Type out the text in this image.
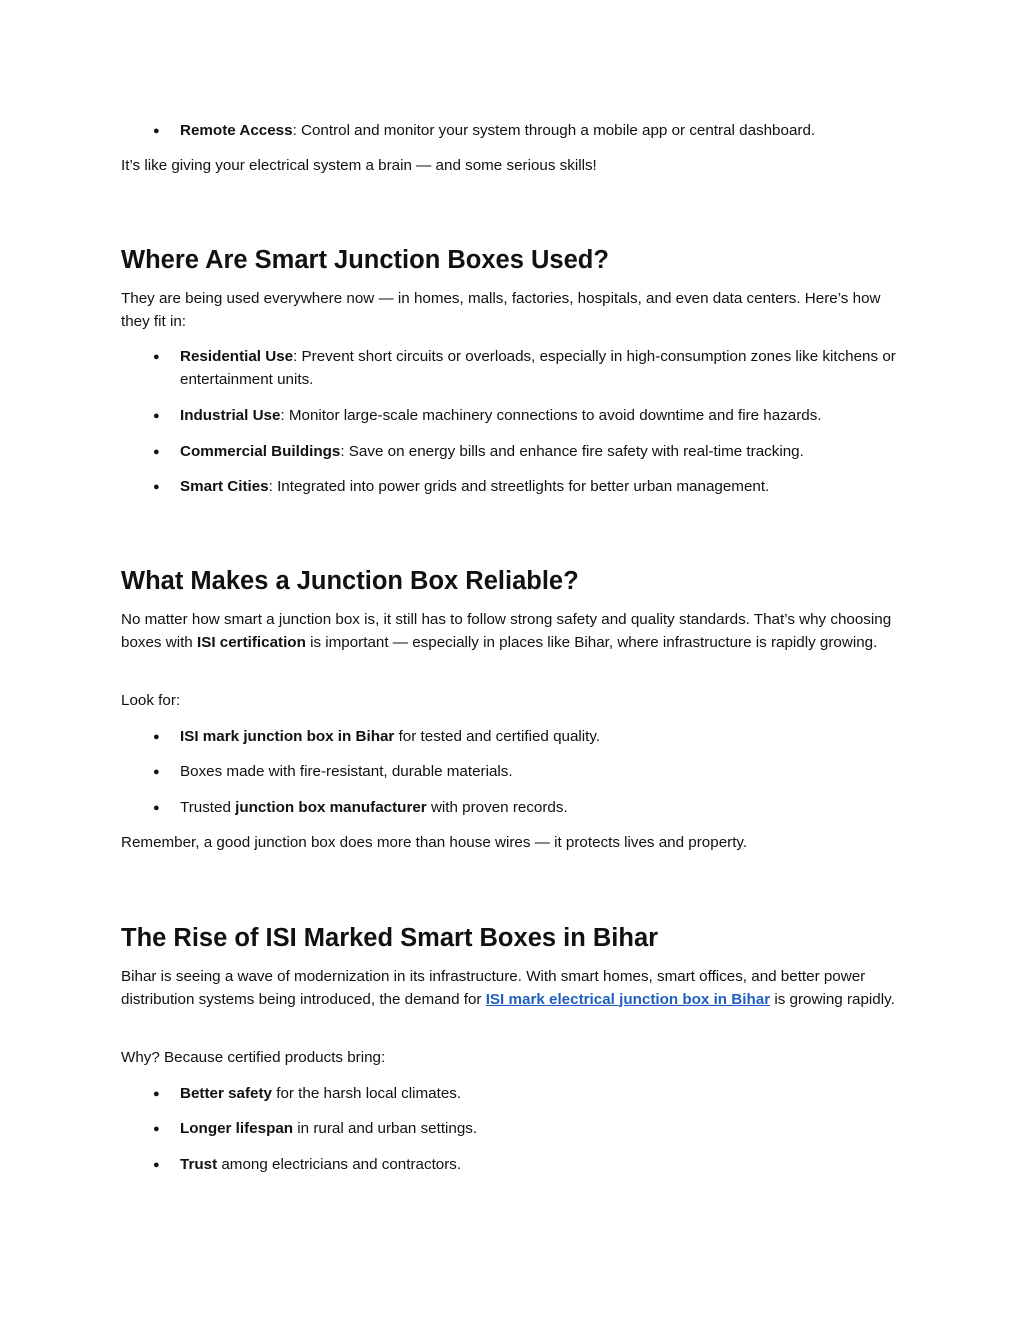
● Remote Access: Control and monitor your system through a mobile app or central dashboard.

It’s like giving your electrical system a brain — and some serious skills!

Where Are Smart Junction Boxes Used?

They are being used everywhere now — in homes, malls, factories, hospitals, and even data centers. Here’s how they fit in:

● Residential Use: Prevent short circuits or overloads, especially in high-consumption zones like kitchens or entertainment units.
● Industrial Use: Monitor large-scale machinery connections to avoid downtime and fire hazards.
● Commercial Buildings: Save on energy bills and enhance fire safety with real-time tracking.
● Smart Cities: Integrated into power grids and streetlights for better urban management.
What Makes a Junction Box Reliable?

No matter how smart a junction box is, it still has to follow strong safety and quality standards. That’s why choosing boxes with ISI certification is important — especially in places like Bihar, where infrastructure is rapidly growing.

Look for:

● ISI mark junction box in Bihar for tested and certified quality.
● Boxes made with fire-resistant, durable materials.
● Trusted junction box manufacturer with proven records.

Remember, a good junction box does more than house wires — it protects lives and property.

The Rise of ISI Marked Smart Boxes in Bihar

Bihar is seeing a wave of modernization in its infrastructure. With smart homes, smart offices, and better power distribution systems being introduced, the demand for ISI mark electrical junction box in Bihar is growing rapidly.

Why? Because certified products bring:

● Better safety for the harsh local climates.
● Longer lifespan in rural and urban settings.
● Trust among electricians and contractors.
